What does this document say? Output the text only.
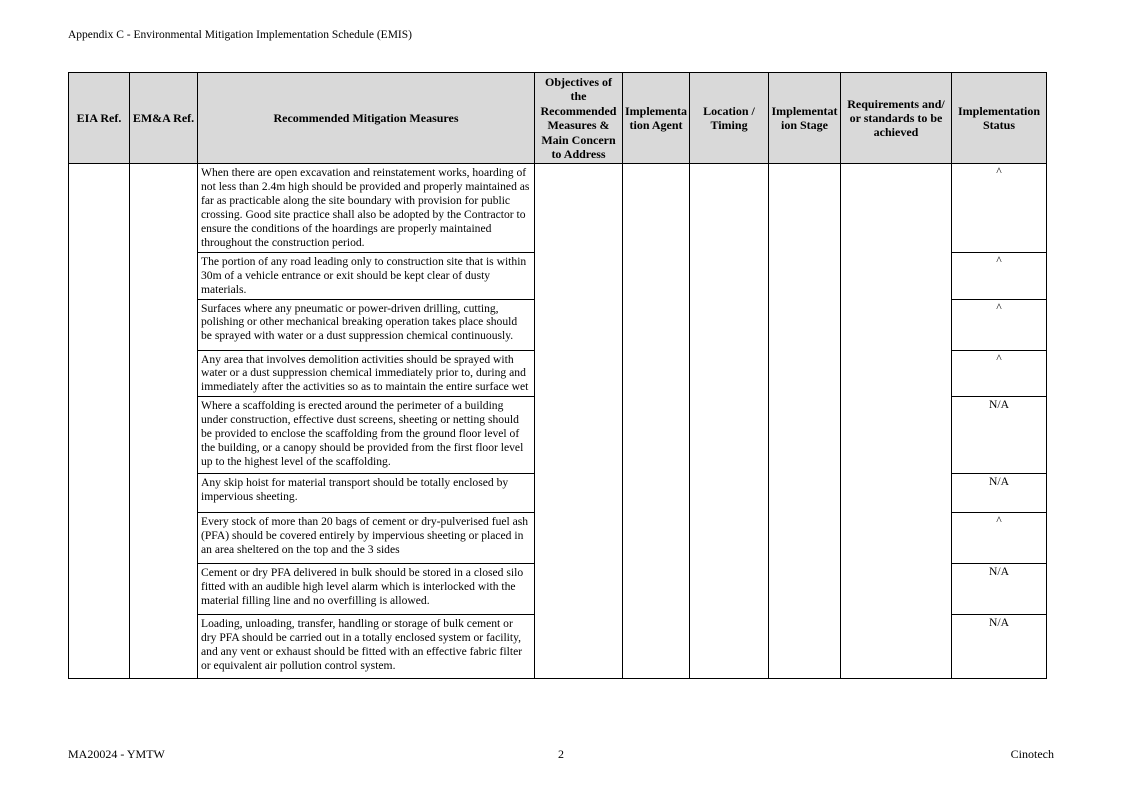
Appendix C - Environmental Mitigation Implementation Schedule (EMIS)
EIA Ref.	EM&A Ref.	Recommended Mitigation Measures	Objectives of the Recommended Measures & Main Concern to Address	Implementation Agent	Location / Timing	Implementation Stage	Requirements and/ or standards to be achieved	Implementation Status
		When there are open excavation and reinstatement works, hoarding of not less than 2.4m high should be provided and properly maintained as far as practicable along the site boundary with provision for public crossing. Good site practice shall also be adopted by the Contractor to ensure the conditions of the hoardings are properly maintained throughout the construction period.						^
		The portion of any road leading only to construction site that is within 30m of a vehicle entrance or exit should be kept clear of dusty materials.						^
		Surfaces where any pneumatic or power-driven drilling, cutting, polishing or other mechanical breaking operation takes place should be sprayed with water or a dust suppression chemical continuously.						^
		Any area that involves demolition activities should be sprayed with water or a dust suppression chemical immediately prior to, during and immediately after the activities so as to maintain the entire surface wet						^
		Where a scaffolding is erected around the perimeter of a building under construction, effective dust screens, sheeting or netting should be provided to enclose the scaffolding from the ground floor level of the building, or a canopy should be provided from the first floor level up to the highest level of the scaffolding.						N/A
		Any skip hoist for material transport should be totally enclosed by impervious sheeting.						N/A
		Every stock of more than 20 bags of cement or dry-pulverised fuel ash (PFA) should be covered entirely by impervious sheeting or placed in an area sheltered on the top and the 3 sides						^
		Cement or dry PFA delivered in bulk should be stored in a closed silo fitted with an audible high level alarm which is interlocked with the material filling line and no overfilling is allowed.						N/A
		Loading, unloading, transfer, handling or storage of bulk cement or dry PFA should be carried out in a totally enclosed system or facility, and any vent or exhaust should be fitted with an effective fabric filter or equivalent air pollution control system.						N/A
MA20024 - YMTW	2	Cinotech
